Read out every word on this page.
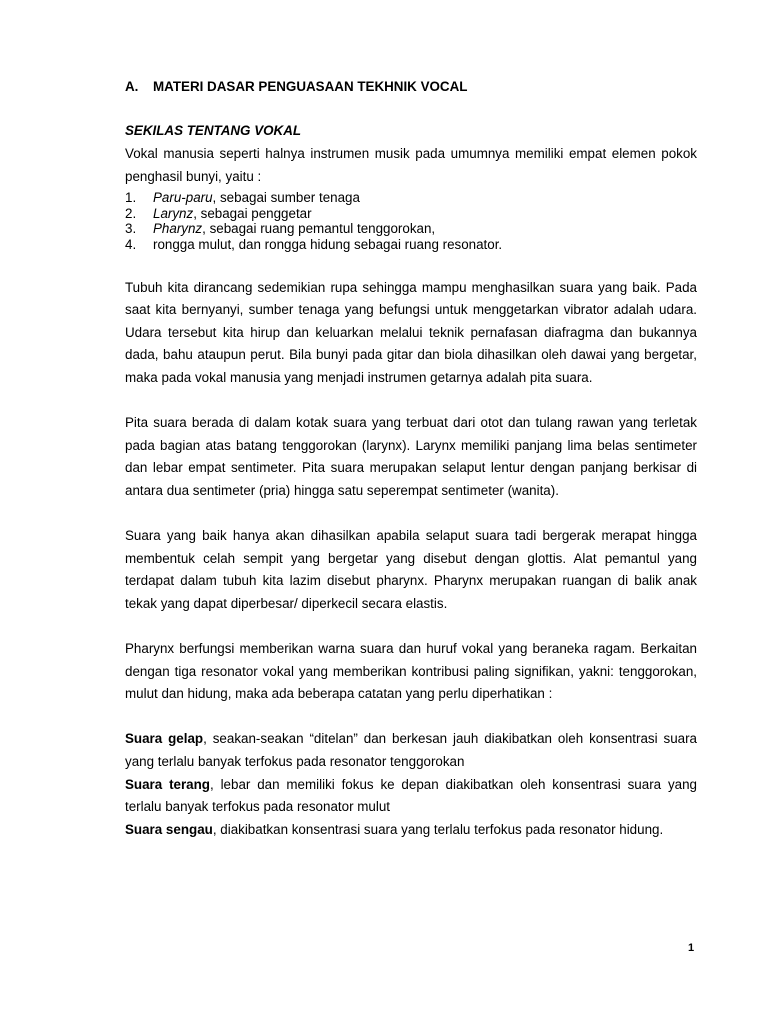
A. MATERI DASAR PENGUASAAN TEKHNIK VOCAL

SEKILAS TENTANG VOKAL

Vokal manusia seperti halnya instrumen musik pada umumnya memiliki empat elemen pokok penghasil bunyi, yaitu :

1.	Paru-paru, sebagai sumber tenaga
2.	Larynz, sebagai penggetar
3.	Pharynz, sebagai ruang pemantul tenggorokan,
4.	rongga mulut, dan rongga hidung sebagai ruang resonator.

Tubuh kita dirancang sedemikian rupa sehingga mampu menghasilkan suara yang baik. Pada saat kita bernyanyi, sumber tenaga yang befungsi untuk menggetarkan vibrator adalah udara. Udara tersebut kita hirup dan keluarkan melalui teknik pernafasan diafragma dan bukannya dada, bahu ataupun perut. Bila bunyi pada gitar dan biola dihasilkan oleh dawai yang bergetar, maka pada vokal manusia yang menjadi instrumen getarnya adalah pita suara.

Pita suara berada di dalam kotak suara yang terbuat dari otot dan tulang rawan yang terletak pada bagian atas batang tenggorokan (larynx). Larynx memiliki panjang lima belas sentimeter dan lebar empat sentimeter. Pita suara merupakan selaput lentur dengan panjang berkisar di antara dua sentimeter (pria) hingga satu seperempat sentimeter (wanita).

Suara yang baik hanya akan dihasilkan apabila selaput suara tadi bergerak merapat hingga membentuk celah sempit yang bergetar yang disebut dengan glottis. Alat pemantul yang terdapat dalam tubuh kita lazim disebut pharynx. Pharynx merupakan ruangan di balik anak tekak yang dapat diperbesar/ diperkecil secara elastis.

Pharynx berfungsi memberikan warna suara dan huruf vokal yang beraneka ragam. Berkaitan dengan tiga resonator vokal yang memberikan kontribusi paling signifikan, yakni: tenggorokan, mulut dan hidung, maka ada beberapa catatan yang perlu diperhatikan :

Suara gelap, seakan-seakan “ditelan” dan berkesan jauh diakibatkan oleh konsentrasi suara yang terlalu banyak terfokus pada resonator tenggorokan

Suara terang, lebar dan memiliki fokus ke depan diakibatkan oleh konsentrasi suara yang terlalu banyak terfokus pada resonator mulut

Suara sengau, diakibatkan konsentrasi suara yang terlalu terfokus pada resonator hidung.

1
